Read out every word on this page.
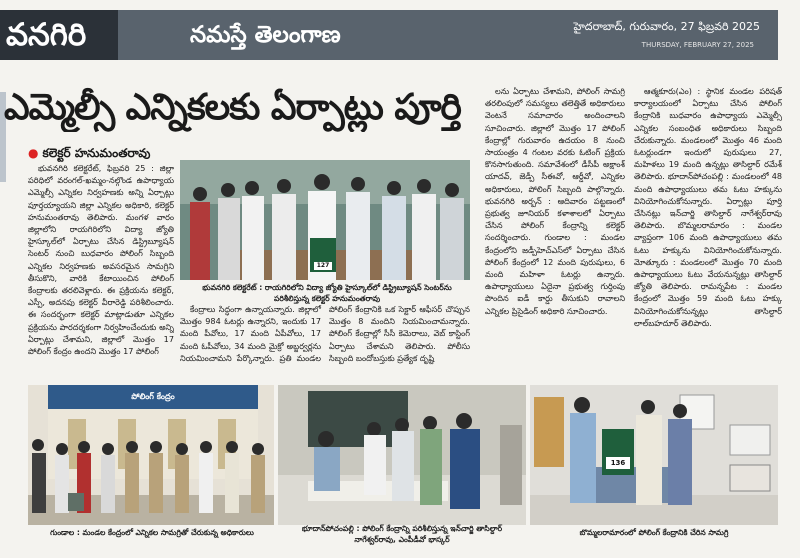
వనగిరి	నమస్తే తెలంగాణ	హైదరాబాద్, గురువారం, 27 ఫిబ్రవరి 2025
THURSDAY, FEBRUARY 27, 2025
ఎమ్మెల్సీ ఎన్నికలకు ఏర్పాట్లు పూర్తి
● కలెక్టర్ హనుమంతరావు

భువనగిరి కలెక్టరేట్, ఫిబ్రవరి 25 : జిల్లా పరిధిలో వరంగల్-ఖమ్మం-నల్గొండ ఉపాధ్యాయ ఎమ్మెల్సీ ఎన్నికల నిర్వహణకు అన్ని ఏర్పాట్లు పూర్తయ్యాయని జిల్లా ఎన్నికల అధికారి, కలెక్టర్ హనుమంతరావు తెలిపారు. మంగళ వారం జిల్లాలోని రాయగిరిలోని విద్యా జ్యోతి హైస్కూల్‌లో ఏర్పాటు చేసిన డిస్ట్రిబ్యూషన్ సెంటర్ నుంచి బుధవారం పోలింగ్ సిబ్బంది ఎన్నికల నిర్వహణకు అవసరమైన సామగ్రిని తీసుకొని, వారికి కేటాయించిన పోలింగ్ కేంద్రాలకు తరలివెళ్లారు. ఈ ప్రక్రియను కలెక్టర్, ఎస్పీ, అదనపు కలెక్టర్ వీరారెడ్డి పరిశీలించారు. ఈ సందర్భంగా కలెక్టర్ మాట్లాడుతూ ఎన్నికల ప్రక్రియను పారదర్శకంగా నిర్వహించేందుకు అన్ని ఏర్పాట్లు చేశామని, జిల్లాలో మొత్తం 17 పోలింగ్ కేంద్రం ఉందని మొత్తం 17 పోలింగ్

కేంద్రాలు సిద్ధంగా ఉన్నాయన్నారు. జిల్లాలో మొత్తం 984 ఓటర్లు ఉన్నారని, ఇందుకు 17 మంది పీవోలు, 17 మంది ఏపీవోలు, 17 మంది ఓపీవోలు, 34 మంది మైక్రో అబ్జర్వర్లను నియమించామని పేర్కొన్నారు. ప్రతి మండల పోలింగ్ కేంద్రానికి ఒక సెక్టార్ ఆఫీసర్ చొప్పున మొత్తం 8 మందిని నియమించామన్నారు. పోలింగ్ కేంద్రాల్లో సీసీ కెమెరాలు, వెబ్ కాస్టింగ్ ఏర్పాటు చేశామని తెలిపారు. పోలీసు సిబ్బంది బందోబస్తుకు ప్రత్యేక దృష్టి

లను ఏర్పాటు చేశామని, పోలింగ్ సామగ్రి తరలింపులో సమస్యలు తలెత్తితే అధికారులు వెంటనే సమాచారం అందించాలని సూచించారు. జిల్లాలో మొత్తం 17 పోలింగ్ కేంద్రాల్లో గురువారం ఉదయం 8 నుంచి సాయంత్రం 4 గంటల వరకు ఓటింగ్ ప్రక్రియ కొనసాగుతుంది. సమావేశంలో డీసీపీ అక్షాంశ్ యాదవ్, జెడ్పీ సీఈవో, ఆర్డీవో, ఎన్నికల అధికారులు, పోలింగ్ సిబ్బంది పాల్గొన్నారు. భువనగిరి అర్బన్ : ఆదివారం పట్టణంలో ప్రభుత్వ జూనియర్ కళాశాలలో ఏర్పాటు చేసిన పోలింగ్ కేంద్రాన్ని కలెక్టర్ సందర్శించారు. గుండాల : మండల కేంద్రంలోని జడ్పీహెచ్ఎస్‌లో ఏర్పాటు చేసిన పోలింగ్ కేంద్రంలో 12 మంది పురుషులు, 6 మంది మహిళా ఓటర్లు ఉన్నారు. ఉపాధ్యాయులు ఏదైనా ప్రభుత్వ గుర్తింపు పొందిన ఐడీ కార్డు తీసుకుని రావాలని ఎన్నికల ప్రిసైడింగ్ అధికారి సూచించారు.

ఆత్మకూరు(ఎం) : స్థానిక మండల పరిషత్ కార్యాలయంలో ఏర్పాటు చేసిన పోలింగ్ కేంద్రానికి బుధవారం ఉపాధ్యాయ ఎమ్మెల్సీ ఎన్నికల సంబంధిత అధికారులు సిబ్బంది చేరుకున్నారు. మండలంలో మొత్తం 46 మంది ఓటర్లుండగా ఇందులో పురుషులు 27, మహిళలు 19 మంది ఉన్నట్లు తాసిల్దార్ రమేశ్ తెలిపారు. భూదాన్‌పోచంపల్లి : మండలంలో 48 మంది ఉపాధ్యాయులు తమ ఓటు హక్కును వినియోగించుకోనున్నారు. ఏర్పాట్లు పూర్తి చేసినట్లు ఇన్‌చార్జి తాసిల్దార్ నాగేశ్వర్‌రావు తెలిపారు. బొమ్మలరామారం : మండల వ్యాప్తంగా 106 మంది ఉపాధ్యాయులు తమ ఓటు హక్కును వినియోగించుకోనున్నారు. మోత్కూరు : మండలంలో మొత్తం 70 మంది ఉపాధ్యాయులు ఓటు వేయనున్నట్లు తాసిల్దార్ జ్యోతి తెలిపారు. రామన్నపేట : మండల కేంద్రంలో మొత్తం 59 మంది ఓటు హక్కు వినియోగించుకోనున్నట్లు తాసిల్దార్ లాల్‌బహదూర్ తెలిపారు.

127
భువనగిరి కలెక్టరేట్ : రాయగిరిలోని విద్యా జ్యోతి హైస్కూల్‌లో డిస్ట్రిబ్యూషన్ సెంటర్‌ను పరిశీలిస్తున్న కలెక్టర్ హనుమంతరావు
పోలింగ్ కేంద్రం
గుండాల : మండల కేంద్రంలో ఎన్నికల సామగ్రితో చేరుకున్న అధికారులు	భూదాన్‌పోచంపల్లి : పోలింగ్ కేంద్రాన్ని పరిశీలిస్తున్న ఇన్‌చార్జి తాసిల్దార్ నాగేశ్వర్‌రావు, ఎంపీడీవో భాస్కర్
136
బొమ్మలరామారంలో పోలింగ్ కేంద్రానికి చేరిన సామగ్రి
